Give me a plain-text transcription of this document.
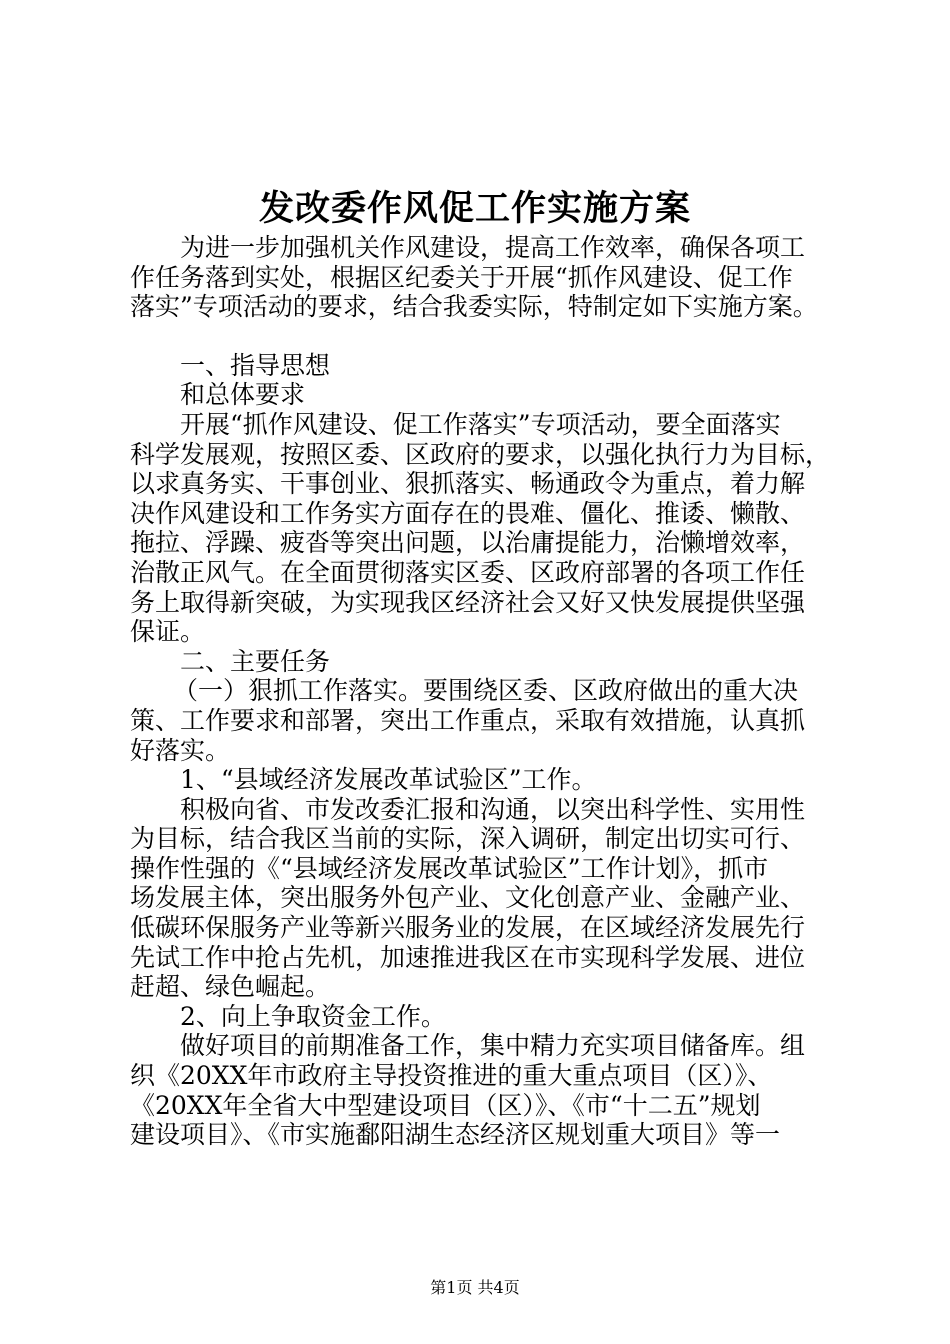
发改委作风促工作实施方案
为进一步加强机关作风建设，提高工作效率，确保各项工
作任务落到实处，根据区纪委关于开展“抓作风建设、促工作
落实”专项活动的要求，结合我委实际，特制定如下实施方案。
一、指导思想
和总体要求
开展“抓作风建设、促工作落实”专项活动，要全面落实
科学发展观，按照区委、区政府的要求，以强化执行力为目标，
以求真务实、干事创业、狠抓落实、畅通政令为重点，着力解
决作风建设和工作务实方面存在的畏难、僵化、推诿、懒散、
拖拉、浮躁、疲沓等突出问题，以治庸提能力，治懒增效率，
治散正风气。在全面贯彻落实区委、区政府部署的各项工作任
务上取得新突破，为实现我区经济社会又好又快发展提供坚强
保证。
二、主要任务
（一）狠抓工作落实。要围绕区委、区政府做出的重大决
策、工作要求和部署，突出工作重点，采取有效措施，认真抓
好落实。
1、“县域经济发展改革试验区”工作。
积极向省、市发改委汇报和沟通，以突出科学性、实用性
为目标，结合我区当前的实际，深入调研，制定出切实可行、
操作性强的《“县域经济发展改革试验区”工作计划》，抓市
场发展主体，突出服务外包产业、文化创意产业、金融产业、
低碳环保服务产业等新兴服务业的发展，在区域经济发展先行
先试工作中抢占先机，加速推进我区在市实现科学发展、进位
赶超、绿色崛起。
2、向上争取资金工作。
做好项目的前期准备工作，集中精力充实项目储备库。组
织《20XX年市政府主导投资推进的重大重点项目（区）》、
《20XX年全省大中型建设项目（区）》、《市“十二五”规划
建设项目》、《市实施鄱阳湖生态经济区规划重大项目》等一
第1页 共4页
